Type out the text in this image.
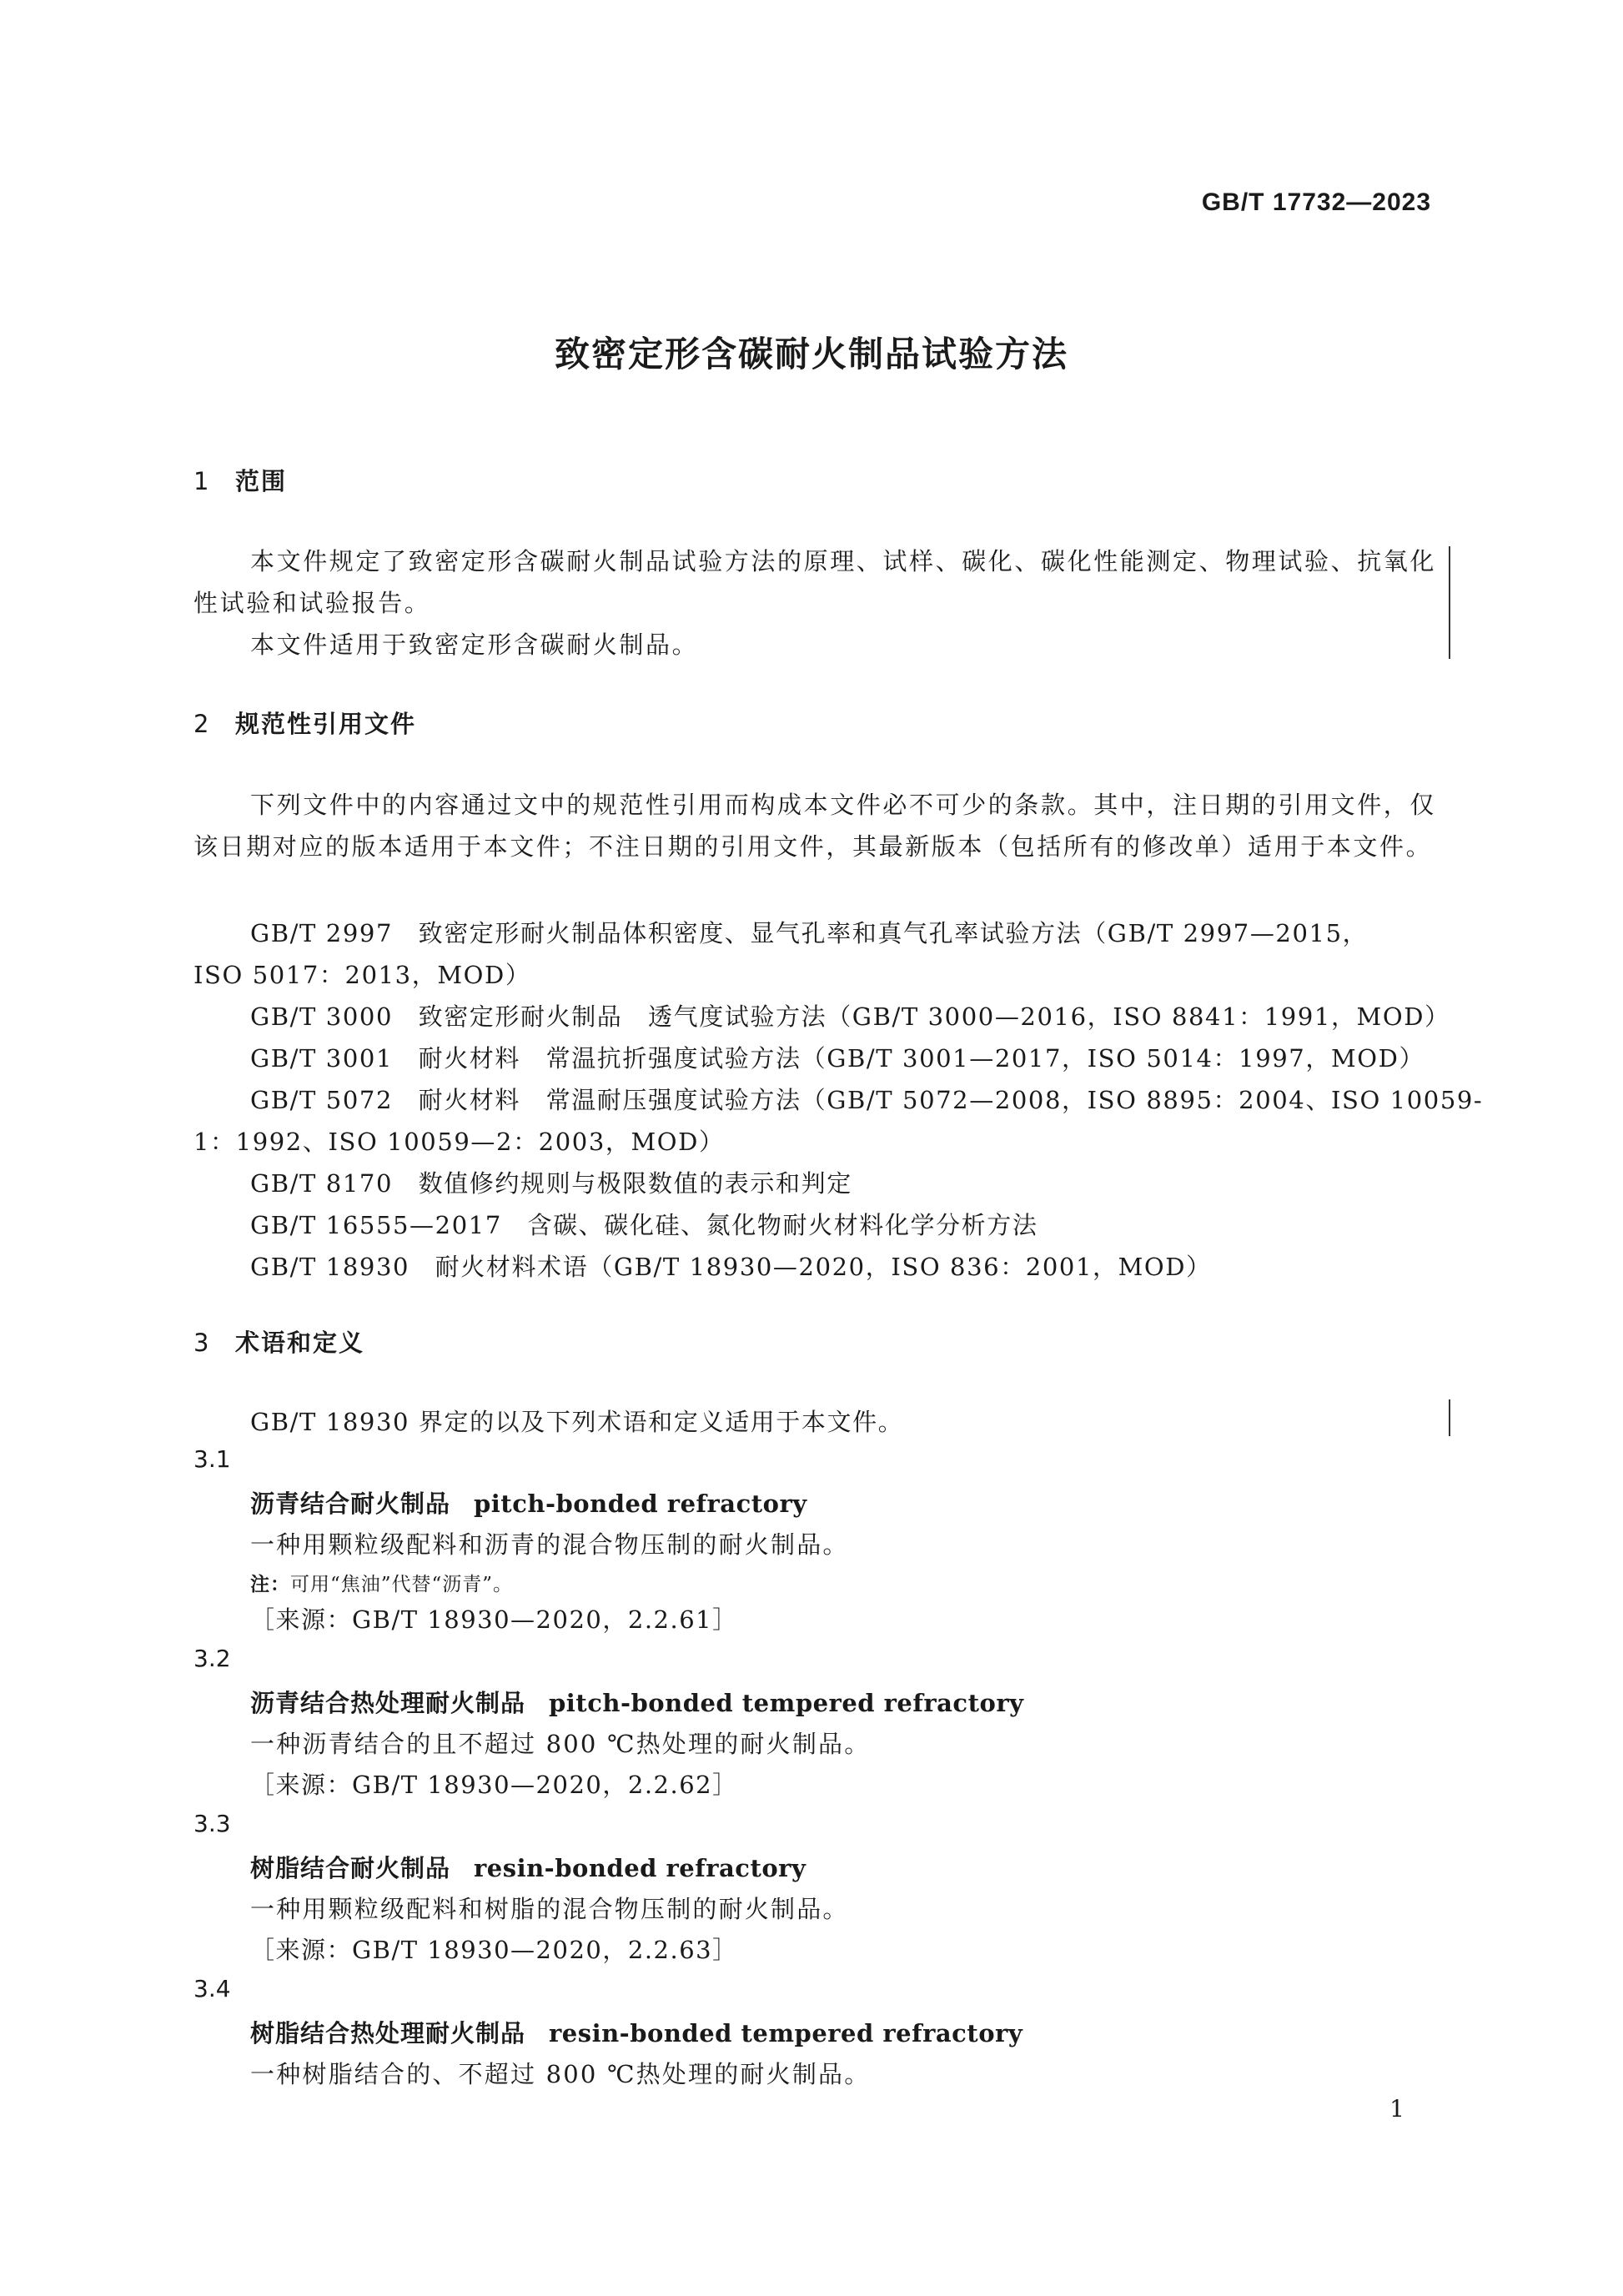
GB/T 17732—2023
致密定形含碳耐火制品试验方法
1 范围
本文件规定了致密定形含碳耐火制品试验方法的原理、试样、碳化、碳化性能测定、物理试验、抗氧化性试验和试验报告。
本文件适用于致密定形含碳耐火制品。
2 规范性引用文件
下列文件中的内容通过文中的规范性引用而构成本文件必不可少的条款。其中，注日期的引用文件，仅该日期对应的版本适用于本文件；不注日期的引用文件，其最新版本（包括所有的修改单）适用于本文件。
GB/T 2997　致密定形耐火制品体积密度、显气孔率和真气孔率试验方法（GB/T 2997—2015，
ISO 5017：2013，MOD）
GB/T 3000　致密定形耐火制品　透气度试验方法（GB/T 3000—2016，ISO 8841：1991，MOD）
GB/T 3001　耐火材料　常温抗折强度试验方法（GB/T 3001—2017，ISO 5014：1997，MOD）
GB/T 5072　耐火材料　常温耐压强度试验方法（GB/T 5072—2008，ISO 8895：2004、ISO 10059-
1：1992、ISO 10059—2：2003，MOD）
GB/T 8170　数值修约规则与极限数值的表示和判定
GB/T 16555—2017　含碳、碳化硅、氮化物耐火材料化学分析方法
GB/T 18930　耐火材料术语（GB/T 18930—2020，ISO 836：2001，MOD）
3 术语和定义
GB/T 18930 界定的以及下列术语和定义适用于本文件。
3.1
沥青结合耐火制品 pitch-bonded refractory
一种用颗粒级配料和沥青的混合物压制的耐火制品。
注：可用“焦油”代替“沥青”。
［来源：GB/T 18930—2020，2.2.61］
3.2
沥青结合热处理耐火制品 pitch-bonded tempered refractory
一种沥青结合的且不超过 800 ℃热处理的耐火制品。
［来源：GB/T 18930—2020，2.2.62］
3.3
树脂结合耐火制品 resin-bonded refractory
一种用颗粒级配料和树脂的混合物压制的耐火制品。
［来源：GB/T 18930—2020，2.2.63］
3.4
树脂结合热处理耐火制品 resin-bonded tempered refractory
一种树脂结合的、不超过 800 ℃热处理的耐火制品。
1
